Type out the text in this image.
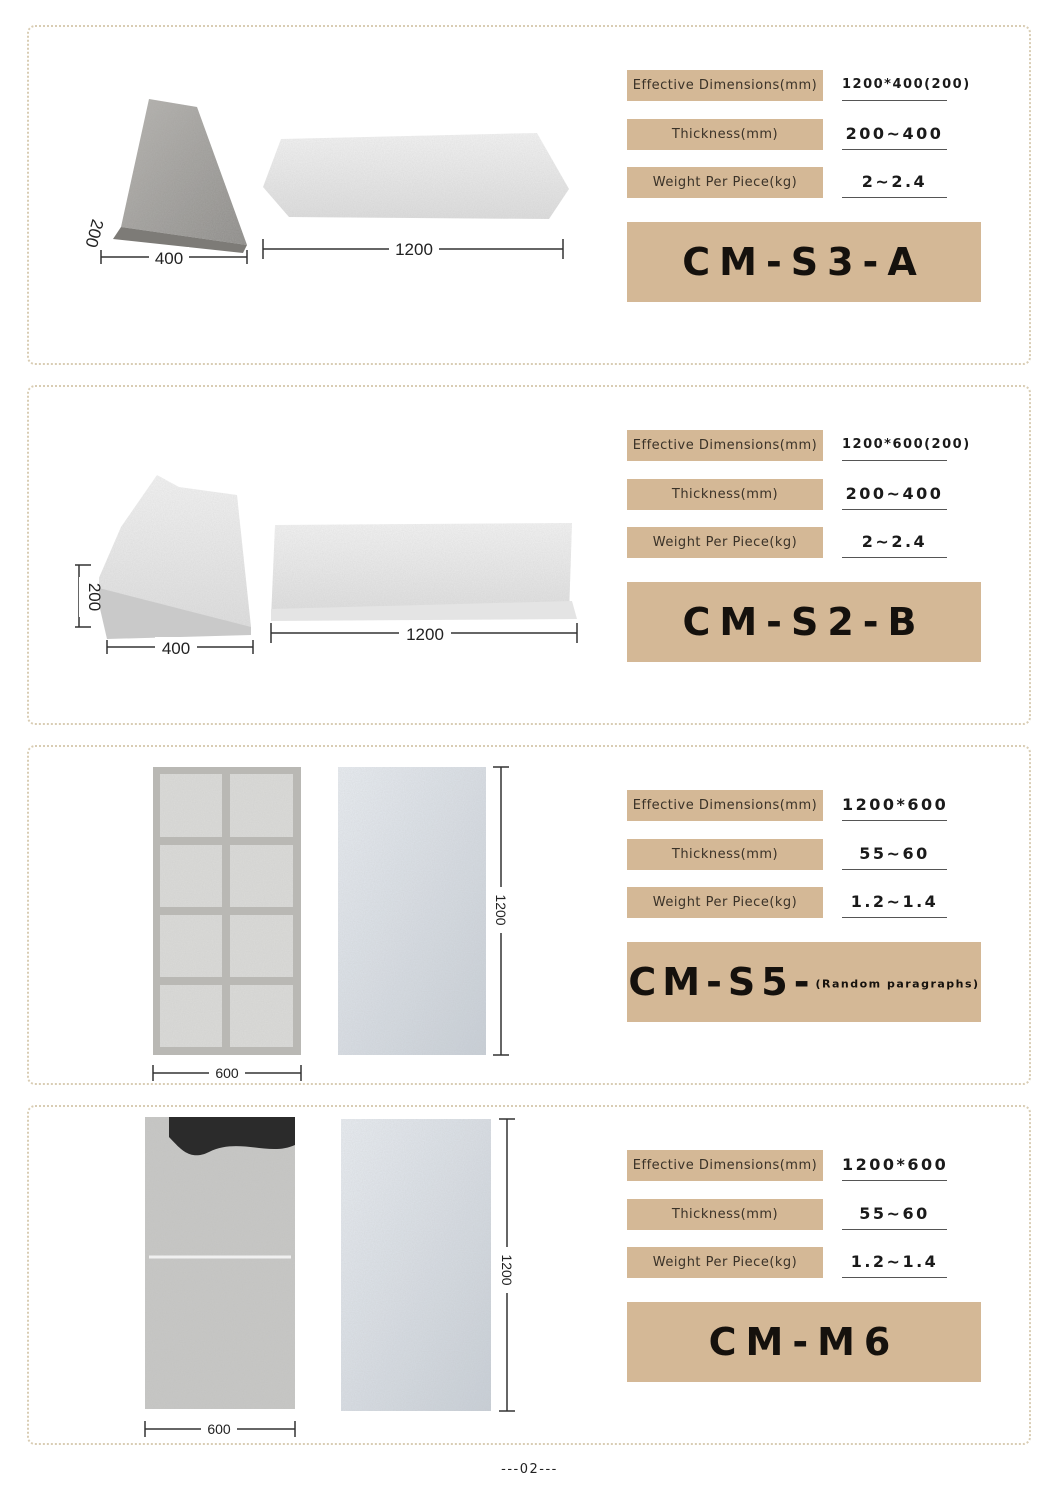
400	1200
200
Effective Dimensions(mm)	1200*400(200)
Thickness(mm)	200~400
Weight Per Piece(kg)	2~2.4
CM-S3-A
400
1200
200
Effective Dimensions(mm)	1200*600(200)
Thickness(mm)	200~400
Weight Per Piece(kg)	2~2.4
CM-S2-B
600
1200
Effective Dimensions(mm)	1200*600
Thickness(mm)	55~60
Weight Per Piece(kg)	1.2~1.4
CM-S5-(Random paragraphs)
600
1200
Effective Dimensions(mm)	1200*600
Thickness(mm)	55~60
Weight Per Piece(kg)	1.2~1.4
CM-M6
---02---
